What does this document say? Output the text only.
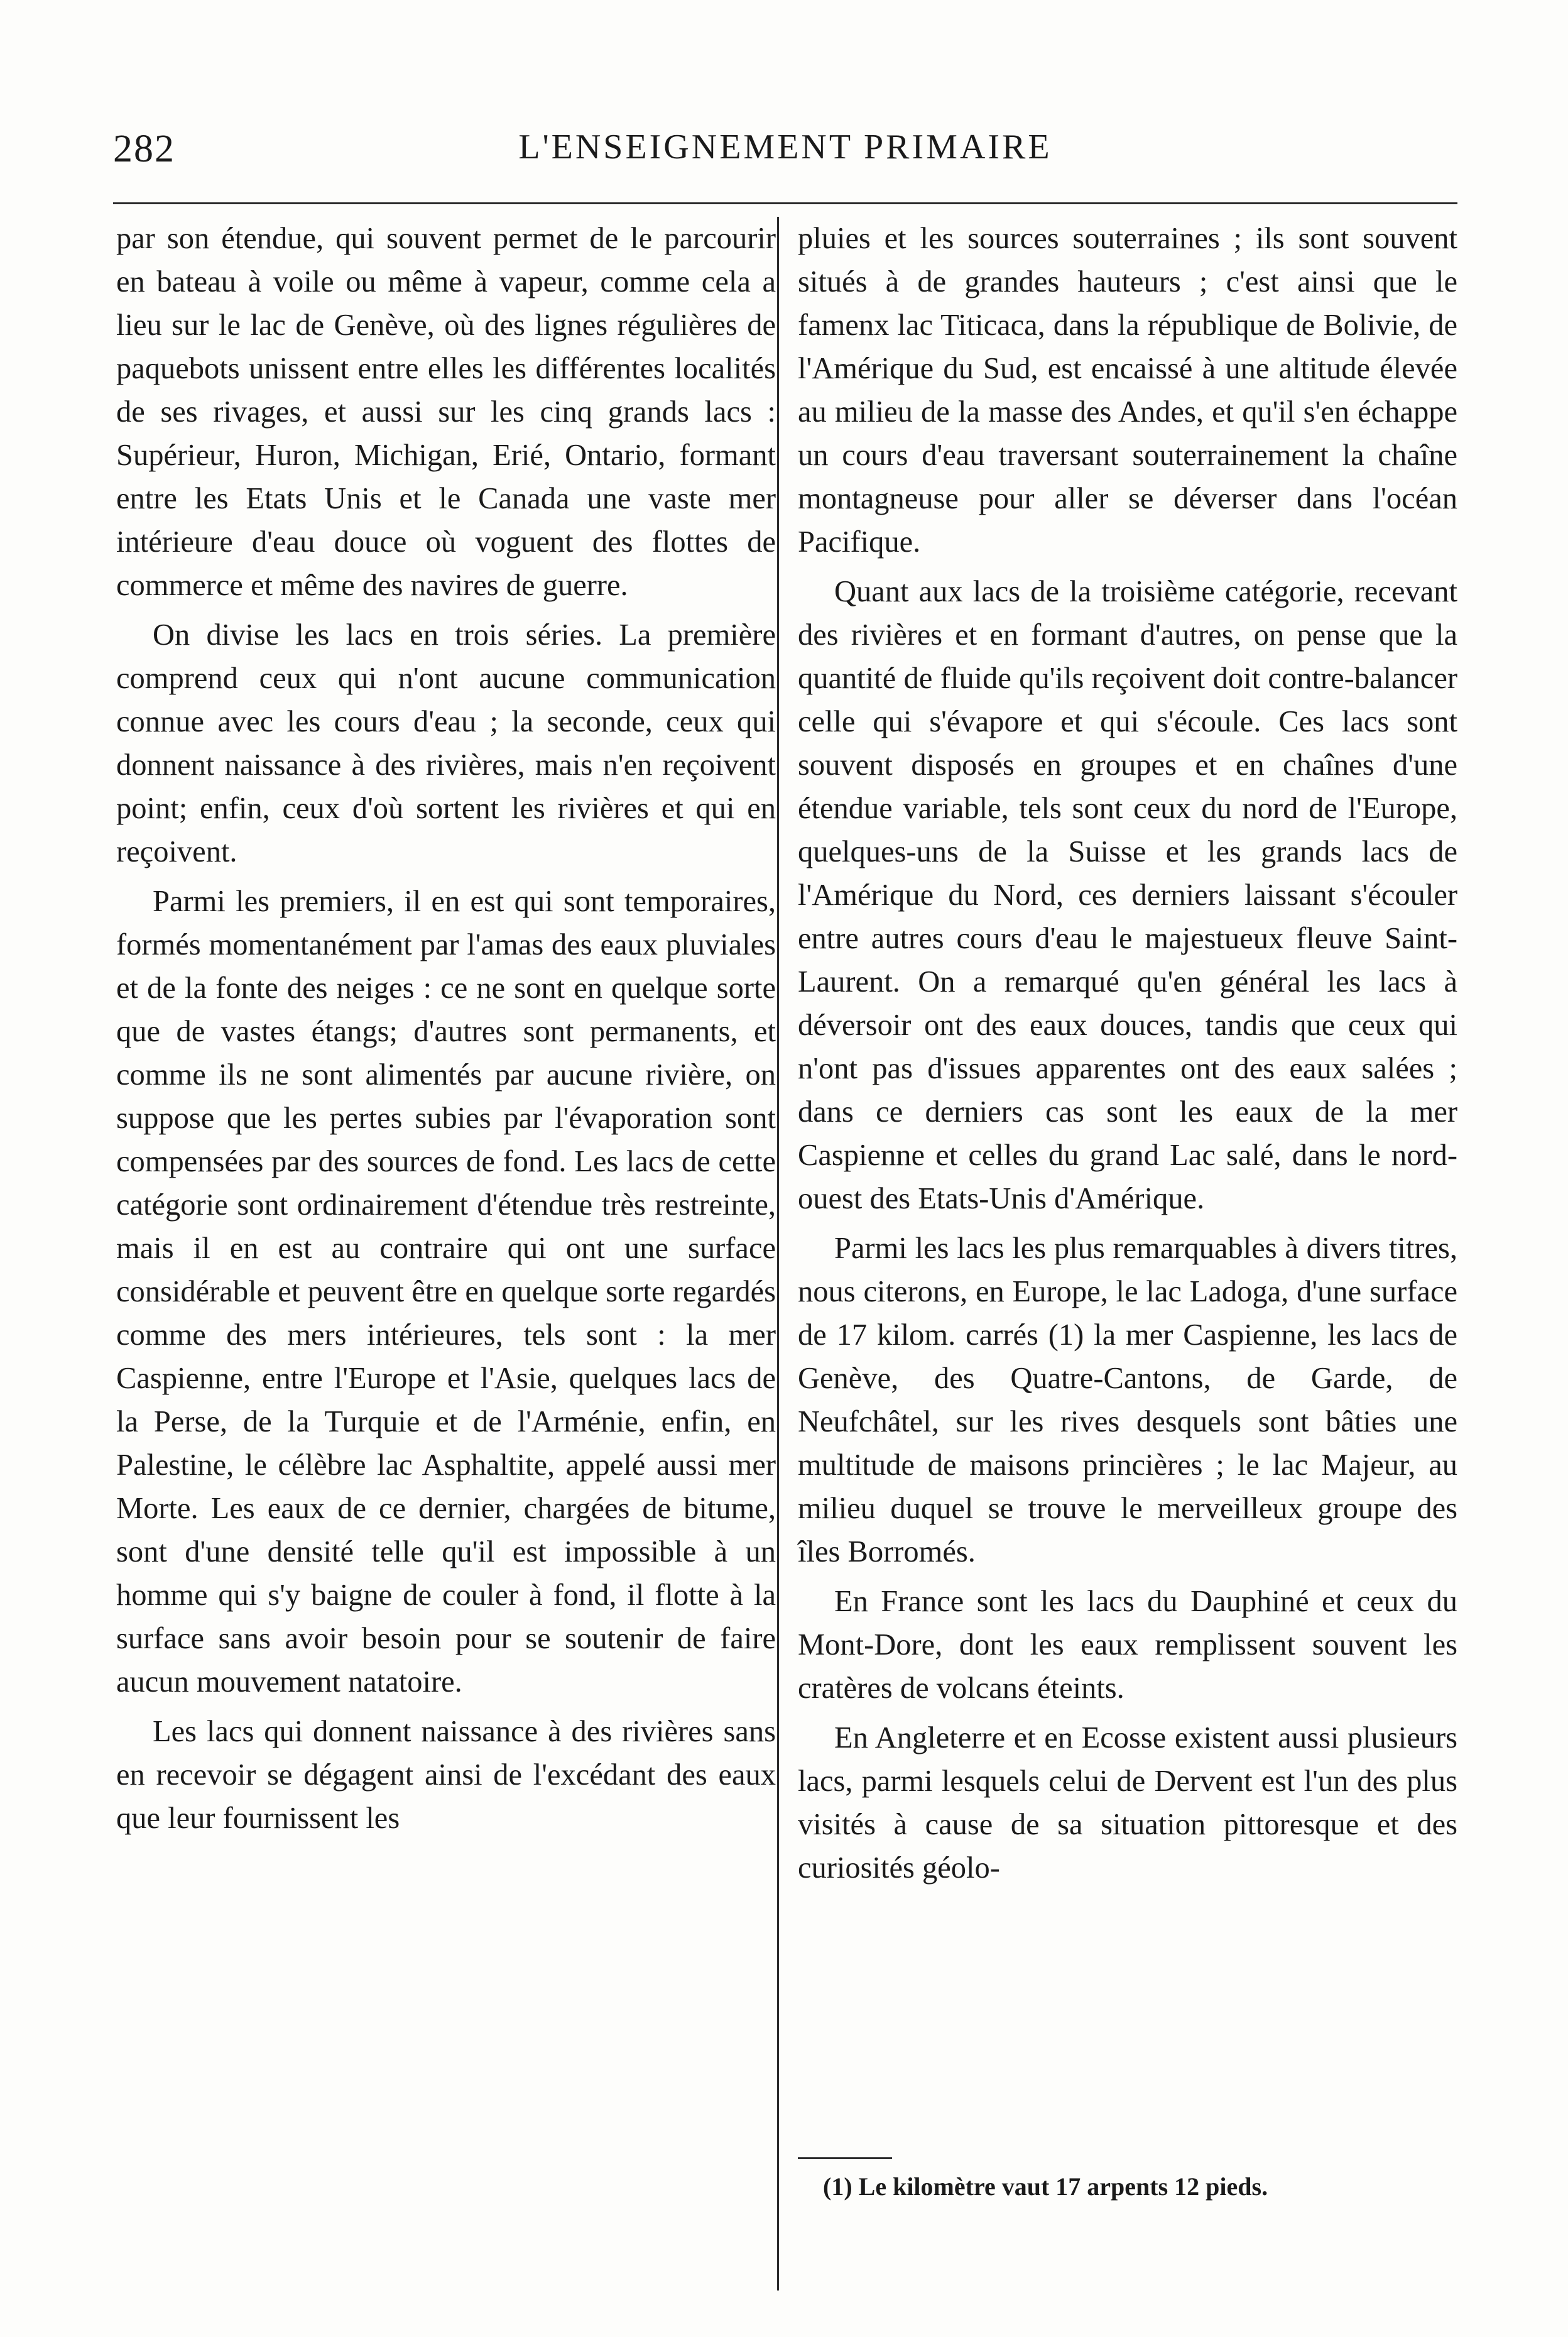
282	L'ENSEIGNEMENT PRIMAIRE

par son étendue, qui souvent permet de le parcourir en bateau à voile ou même à vapeur, comme cela a lieu sur le lac de Genève, où des lignes régulières de paquebots unissent entre elles les différentes localités de ses rivages, et aussi sur les cinq grands lacs : Supérieur, Huron, Michigan, Erié, Ontario, formant entre les Etats Unis et le Canada une vaste mer intérieure d'eau douce où voguent des flottes de commerce et même des navires de guerre.

On divise les lacs en trois séries. La première comprend ceux qui n'ont aucune communication connue avec les cours d'eau ; la seconde, ceux qui donnent naissance à des rivières, mais n'en reçoivent point; enfin, ceux d'où sortent les rivières et qui en reçoivent.

Parmi les premiers, il en est qui sont temporaires, formés momentanément par l'amas des eaux pluviales et de la fonte des neiges : ce ne sont en quelque sorte que de vastes étangs; d'autres sont permanents, et comme ils ne sont alimentés par aucune rivière, on suppose que les pertes subies par l'évaporation sont compensées par des sources de fond. Les lacs de cette catégorie sont ordinairement d'étendue très restreinte, mais il en est au contraire qui ont une surface considérable et peuvent être en quelque sorte regardés comme des mers intérieures, tels sont : la mer Caspienne, entre l'Europe et l'Asie, quelques lacs de la Perse, de la Turquie et de l'Arménie, enfin, en Palestine, le célèbre lac Asphaltite, appelé aussi mer Morte. Les eaux de ce dernier, chargées de bitume, sont d'une densité telle qu'il est impossible à un homme qui s'y baigne de couler à fond, il flotte à la surface sans avoir besoin pour se soutenir de faire aucun mouvement natatoire.

Les lacs qui donnent naissance à des rivières sans en recevoir se dégagent ainsi de l'excédant des eaux que leur fournissent les

pluies et les sources souterraines ; ils sont souvent situés à de grandes hauteurs ; c'est ainsi que le famenx lac Titicaca, dans la république de Bolivie, de l'Amérique du Sud, est encaissé à une altitude élevée au milieu de la masse des Andes, et qu'il s'en échappe un cours d'eau traversant souterrainement la chaîne montagneuse pour aller se déverser dans l'océan Pacifique.

Quant aux lacs de la troisième catégorie, recevant des rivières et en formant d'autres, on pense que la quantité de fluide qu'ils reçoivent doit contre-balancer celle qui s'évapore et qui s'écoule. Ces lacs sont souvent disposés en groupes et en chaînes d'une étendue variable, tels sont ceux du nord de l'Europe, quelques-uns de la Suisse et les grands lacs de l'Amérique du Nord, ces derniers laissant s'écouler entre autres cours d'eau le majestueux fleuve Saint-Laurent. On a remarqué qu'en général les lacs à déversoir ont des eaux douces, tandis que ceux qui n'ont pas d'issues apparentes ont des eaux salées ; dans ce derniers cas sont les eaux de la mer Caspienne et celles du grand Lac salé, dans le nord-ouest des Etats-Unis d'Amérique.

Parmi les lacs les plus remarquables à divers titres, nous citerons, en Europe, le lac Ladoga, d'une surface de 17 kilom. carrés (1) la mer Caspienne, les lacs de Genève, des Quatre-Cantons, de Garde, de Neufchâtel, sur les rives desquels sont bâties une multitude de maisons princières ; le lac Majeur, au milieu duquel se trouve le merveilleux groupe des îles Borromés.

En France sont les lacs du Dauphiné et ceux du Mont-Dore, dont les eaux remplissent souvent les cratères de volcans éteints.

En Angleterre et en Ecosse existent aussi plusieurs lacs, parmi lesquels celui de Dervent est l'un des plus visités à cause de sa situation pittoresque et des curiosités géolo-

(1) Le kilomètre vaut 17 arpents 12 pieds.
